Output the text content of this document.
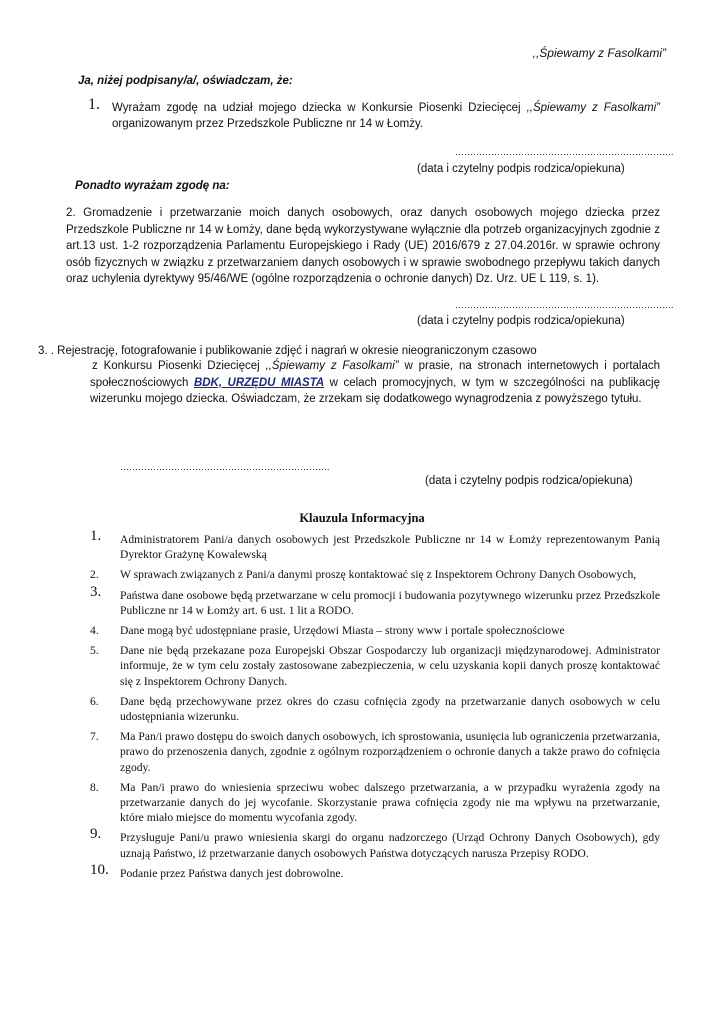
,,Śpiewamy z Fasolkami”
Ja, niżej podpisany/a/, oświadczam, że:
1. Wyrażam zgodę na udział mojego dziecka w Konkursie Piosenki Dziecięcej ,,Śpiewamy z Fasolkami” organizowanym przez Przedszkole Publiczne nr 14 w Łomży.
……………………………………………………………….
(data i czytelny podpis rodzica/opiekuna)
Ponadto wyrażam zgodę na:
2. Gromadzenie i przetwarzanie moich danych osobowych, oraz danych osobowych mojego dziecka przez Przedszkole Publiczne nr 14 w Łomży, dane będą wykorzystywane wyłącznie dla potrzeb organizacyjnych zgodnie z art.13 ust. 1-2 rozporządzenia Parlamentu Europejskiego i Rady (UE) 2016/679 z 27.04.2016r. w sprawie ochrony osób fizycznych w związku z przetwarzaniem danych osobowych i w sprawie swobodnego przepływu takich danych oraz uchylenia dyrektywy 95/46/WE (ogólne rozporządzenia o ochronie danych) Dz. Urz. UE L 119, s. 1).
……………………………………………………………….
(data i czytelny podpis rodzica/opiekuna)
3. . Rejestrację, fotografowanie i publikowanie zdjęć i nagrań w okresie nieograniczonym czasowo
z Konkursu Piosenki Dziecięcej ,,Śpiewamy z Fasolkami” w prasie, na stronach internetowych i portalach społecznościowych BDK, URZĘDU MIASTA w celach promocyjnych, w tym w szczególności na publikację wizerunku mojego dziecka. Oświadczam, że zrzekam się dodatkowego wynagrodzenia z powyższego tytułu.
…………………………………………………………….
(data i czytelny podpis rodzica/opiekuna)
Klauzula Informacyjna
1. Administratorem Pani/a danych osobowych jest Przedszkole Publiczne nr 14 w Łomży reprezentowanym Panią Dyrektor Grażynę Kowalewską
2. W sprawach związanych z Pani/a danymi proszę kontaktować się z Inspektorem Ochrony Danych Osobowych,
3. Państwa dane osobowe będą przetwarzane w celu promocji i budowania pozytywnego wizerunku przez Przedszkole Publiczne nr 14 w Łomży art. 6 ust. 1 lit a RODO.
4. Dane mogą być udostępniane prasie, Urzędowi Miasta – strony www i portale społecznościowe
5. Dane nie będą przekazane poza Europejski Obszar Gospodarczy lub organizacji międzynarodowej. Administrator informuje, że w tym celu zostały zastosowane zabezpieczenia, w celu uzyskania kopii danych proszę kontaktować się z Inspektorem Ochrony Danych.
6. Dane będą przechowywane przez okres do czasu cofnięcia zgody na przetwarzanie danych osobowych w celu udostępniania wizerunku.
7. Ma Pan/i prawo dostępu do swoich danych osobowych, ich sprostowania, usunięcia lub ograniczenia przetwarzania, prawo do przenoszenia danych, zgodnie z ogólnym rozporządzeniem o ochronie danych a także prawo do cofnięcia zgody.
8. Ma Pan/i prawo do wniesienia sprzeciwu wobec dalszego przetwarzania, a w przypadku wyrażenia zgody na przetwarzanie danych do jej wycofanie. Skorzystanie prawa cofnięcia zgody nie ma wpływu na przetwarzanie, które miało miejsce do momentu wycofania zgody.
9. Przysługuje Pani/u prawo wniesienia skargi do organu nadzorczego (Urząd Ochrony Danych Osobowych), gdy uznają Państwo, iż przetwarzanie danych osobowych Państwa dotyczących narusza Przepisy RODO.
10. Podanie przez Państwa danych jest dobrowolne.
